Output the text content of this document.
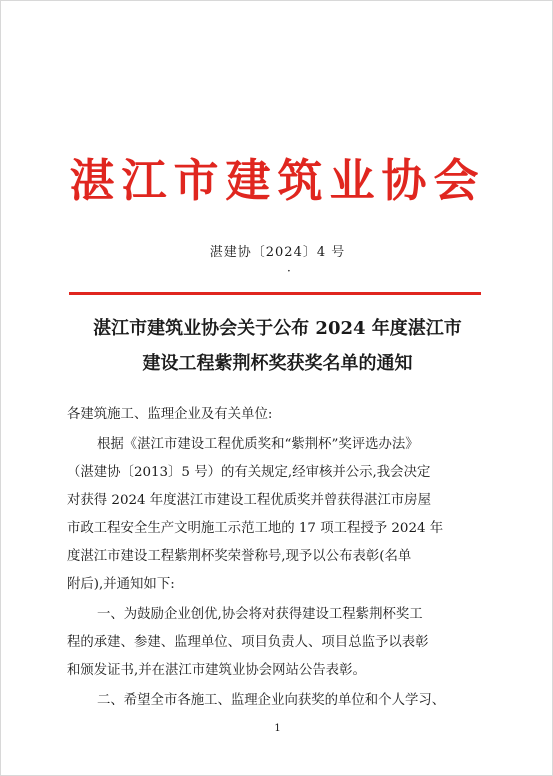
湛江市建筑业协会
湛建协〔2024〕4 号
·
湛江市建筑业协会关于公布 2024 年度湛江市
建设工程紫荆杯奖获奖名单的通知
各建筑施工、监理企业及有关单位:
根据《湛江市建设工程优质奖和“紫荆杯”奖评选办法》
（湛建协〔2013〕5 号）的有关规定,经审核并公示,我会决定
对获得 2024 年度湛江市建设工程优质奖并曾获得湛江市房屋
市政工程安全生产文明施工示范工地的 17 项工程授予 2024 年
度湛江市建设工程紫荆杯奖荣誉称号,现予以公布表彰(名单
附后),并通知如下:
一、为鼓励企业创优,协会将对获得建设工程紫荆杯奖工
程的承建、参建、监理单位、项目负责人、项目总监予以表彰
和颁发证书,并在湛江市建筑业协会网站公告表彰。
二、希望全市各施工、监理企业向获奖的单位和个人学习、
1
